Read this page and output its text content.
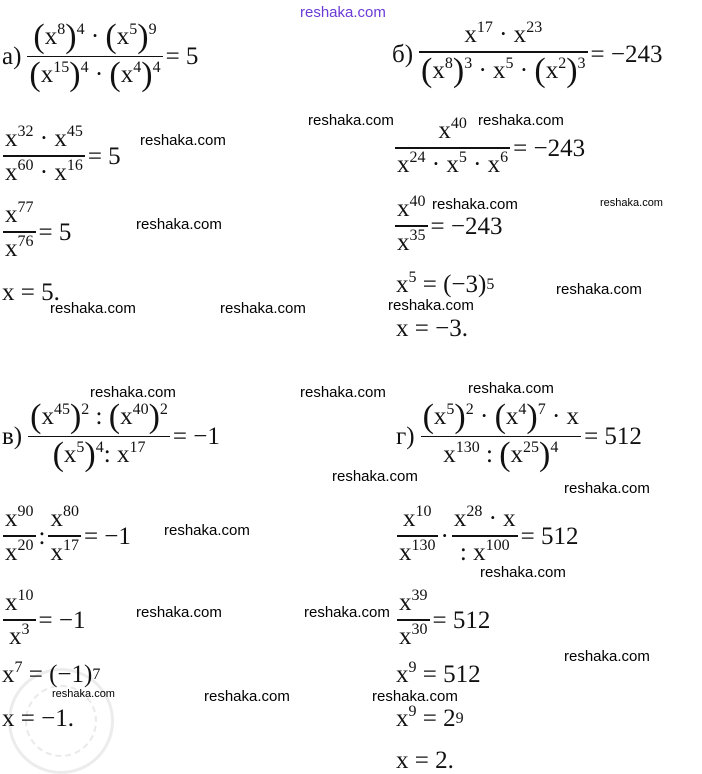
reshaka.com
reshaka.com
reshaka.com
reshaka.com	reshaka.com
reshaka.com	reshaka.com
reshaka.com	reshaka.com
reshaka.com
reshaka.com
reshaka.com	reshaka.com	reshaka.com
reshaka.com
reshaka.com
reshaka.com
reshaka.com
reshaka.com	reshaka.com
reshaka.com
reshaka.com	reshaka.com	reshaka.com
$а) \frac{(x^8)^4 \cdot (x^5)^9}{(x^{15})^4 \cdot (x^4)^4} = 5$
$\frac{x^{32} \cdot x^{45}}{x^{60} \cdot x^{16}} = 5$
$\frac{x^{77}}{x^{76}} = 5$
x = 5.
$б) \frac{x^{17} \cdot x^{23}}{(x^8)^3 \cdot x^5 \cdot (x^2)^3} = -243$
$\frac{x^{40}}{x^{24} \cdot x^5 \cdot x^6} = -243$
$\frac{x^{40}}{x^{35}} = -243$
$x^5 = (-3)$ 5
x = −3.
$в) \frac{(x^{45})^2 : (x^{40})^2}{(x^5)^4: x^{17}} = -1$
$\frac{x^{90}}{x^{20}}$ : $\frac{x^{80}}{x^{17}} = -1$
$\frac{x^{10}}{x^3} = -1$
$x^7 = (-1)$ 7
x = −1.
$г) \frac{(x^5)^2 \cdot (x^4)^7 \cdot x}{x^{130} : (x^{25})^4} = 512$
$\frac{x^{10}}{x^{130}} \cdot \frac{x^{28} \cdot x}{: x^{100}} = 512$
$\frac{x^{39}}{x^{30}} = 512$
$x^9 = 512$
$x^9 = 2$ 9
x = 2.
